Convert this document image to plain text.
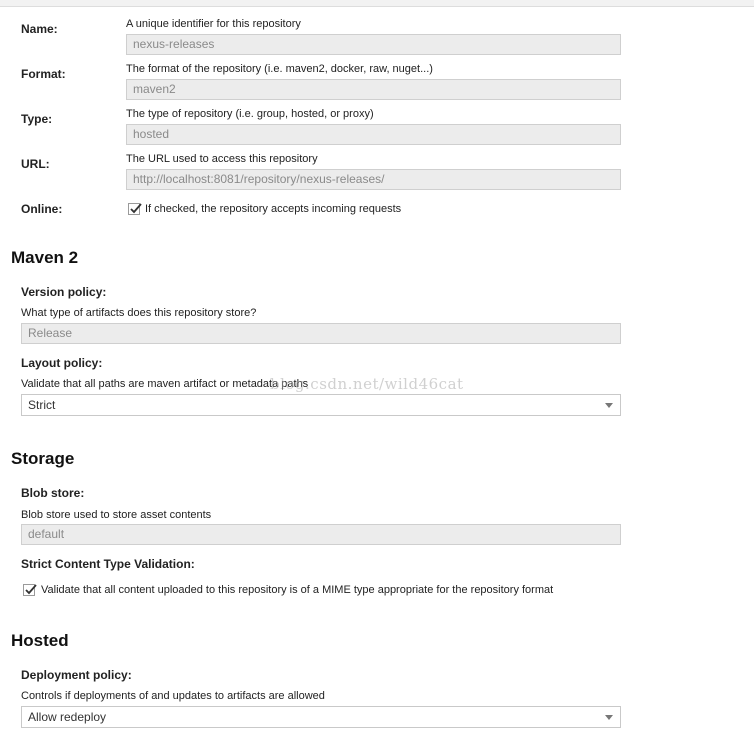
Name:	A unique identifier for this repository
nexus-releases
Format:	The format of the repository (i.e. maven2, docker, raw, nuget...)
maven2
Type:	The type of repository (i.e. group, hosted, or proxy)
hosted
URL:	The URL used to access this repository
http://localhost:8081/repository/nexus-releases/
Online:	If checked, the repository accepts incoming requests
Maven 2
Version policy:
What type of artifacts does this repository store?
Release
Layout policy:
Validate that all paths are maven artifact or metadata paths
Strict
blog.csdn.net/wild46cat
Storage
Blob store:
Blob store used to store asset contents
default
Strict Content Type Validation:
Validate that all content uploaded to this repository is of a MIME type appropriate for the repository format
Hosted
Deployment policy:
Controls if deployments of and updates to artifacts are allowed
Allow redeploy
